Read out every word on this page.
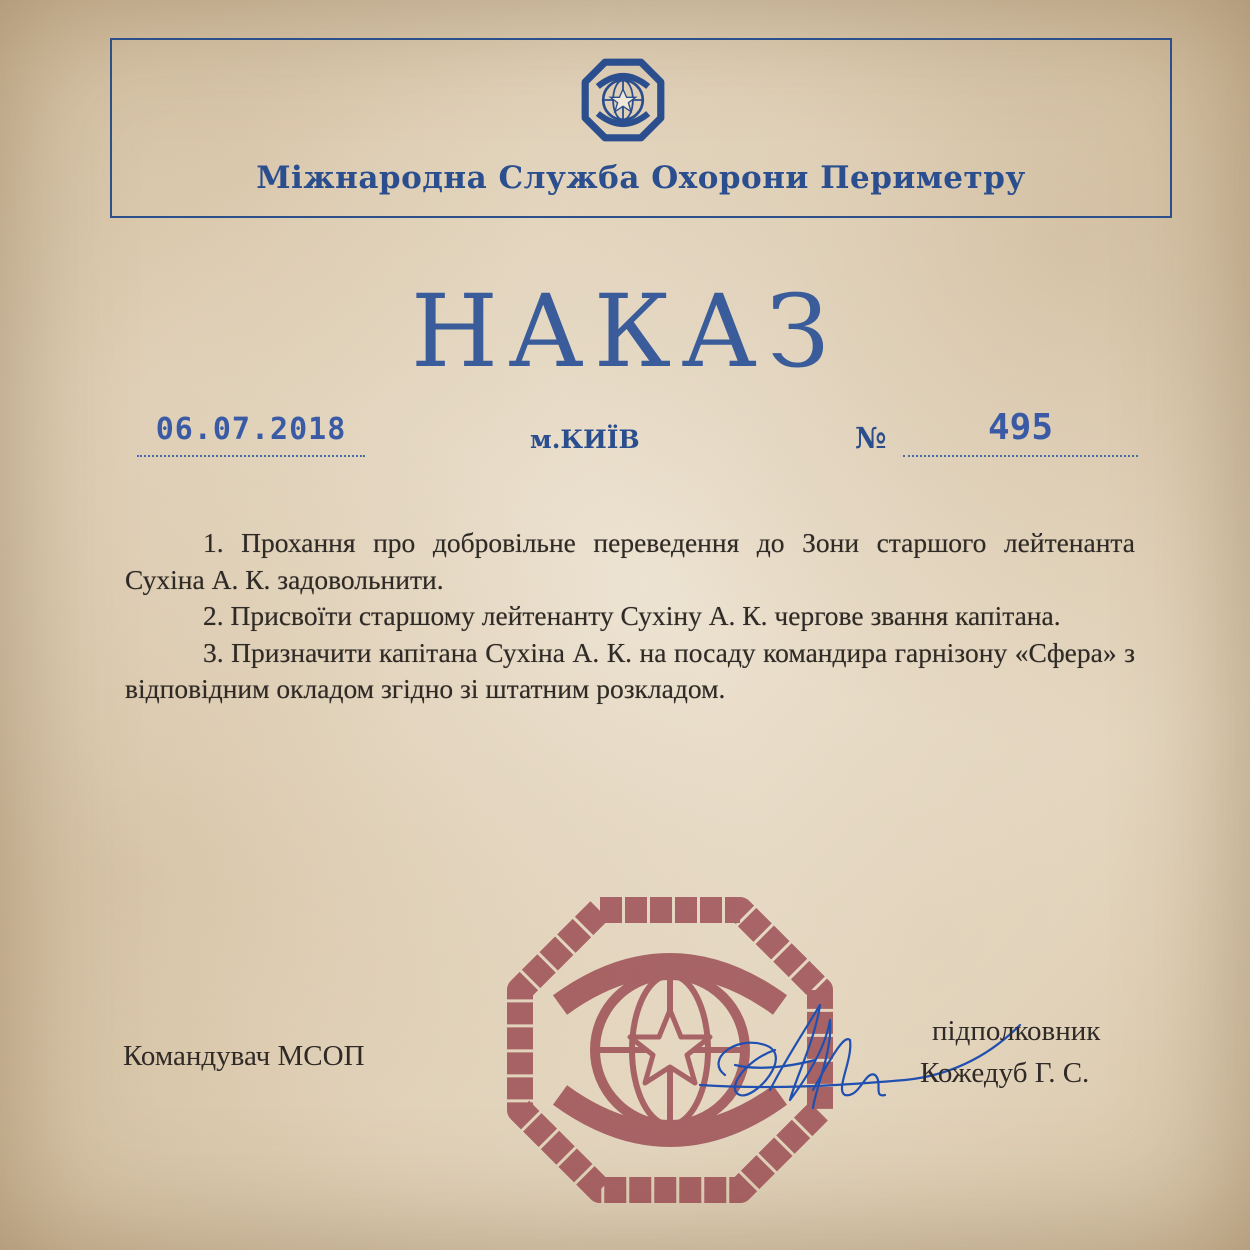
Міжнародна Служба Охорони Периметру
НАКАЗ
06.07.2018	м.КИЇВ	№	495

1. Прохання про добровільне переведення до Зони старшого лейтенанта Сухіна А. К. задовольнити.

2. Присвоїти старшому лейтенанту Сухіну А. К. чергове звання капітана.

3. Призначити капітана Сухіна А. К. на посаду командира гарнізону «Сфера» з відповідним окладом згідно зі штатним розкладом.

Командувач МСОП
підполковник
Кожедуб Г. С.
